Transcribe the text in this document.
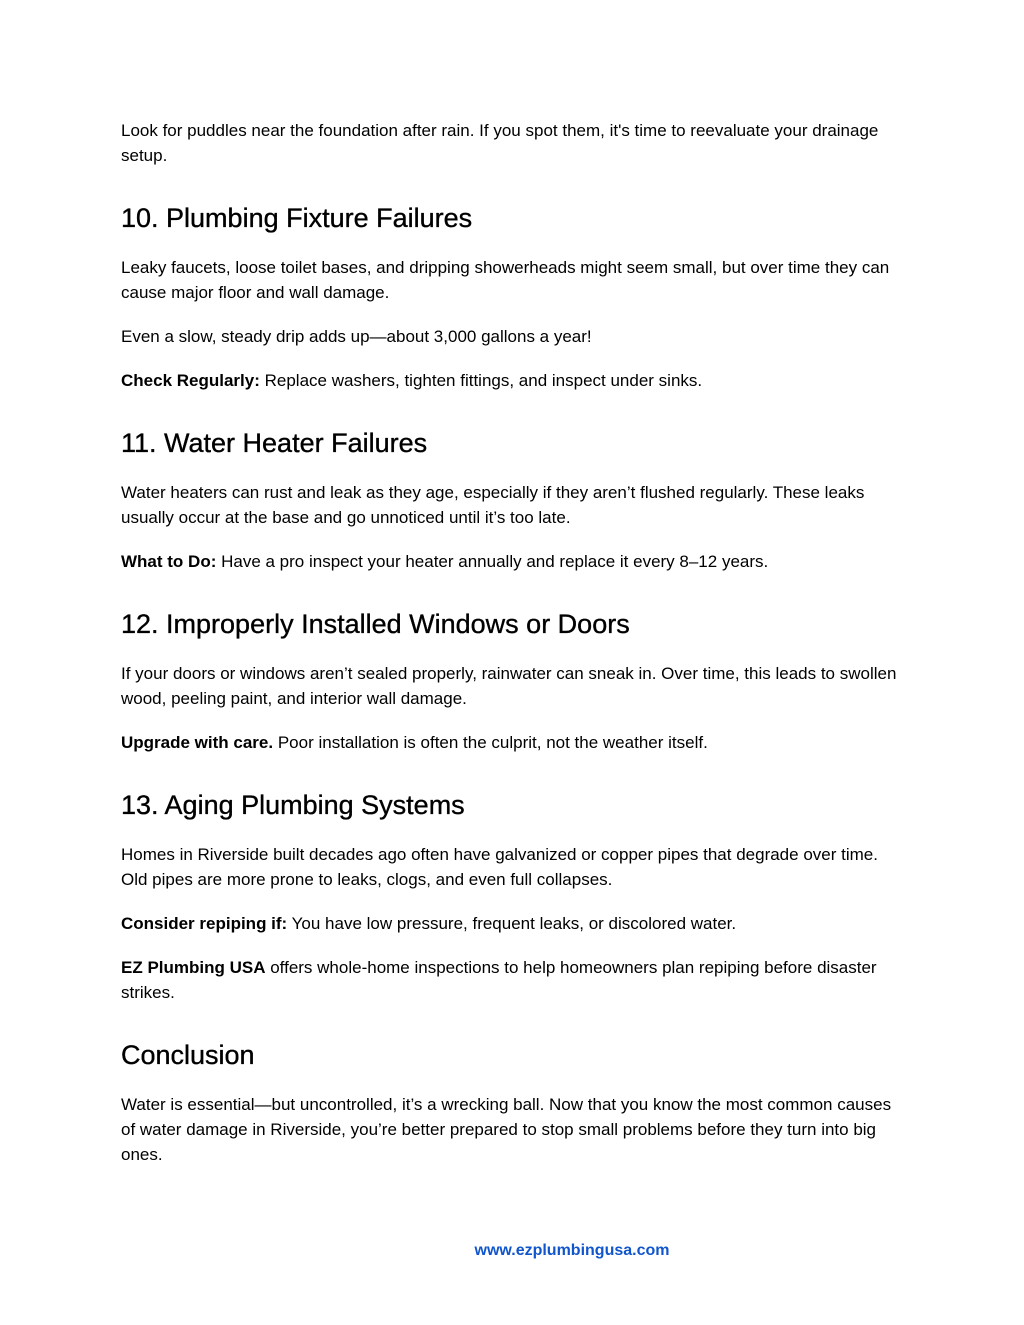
Look for puddles near the foundation after rain. If you spot them, it's time to reevaluate your drainage setup.

10. Plumbing Fixture Failures

Leaky faucets, loose toilet bases, and dripping showerheads might seem small, but over time they can cause major floor and wall damage.

Even a slow, steady drip adds up—about 3,000 gallons a year!

Check Regularly: Replace washers, tighten fittings, and inspect under sinks.

11. Water Heater Failures

Water heaters can rust and leak as they age, especially if they aren’t flushed regularly. These leaks usually occur at the base and go unnoticed until it’s too late.

What to Do: Have a pro inspect your heater annually and replace it every 8–12 years.

12. Improperly Installed Windows or Doors

If your doors or windows aren’t sealed properly, rainwater can sneak in. Over time, this leads to swollen wood, peeling paint, and interior wall damage.

Upgrade with care. Poor installation is often the culprit, not the weather itself.

13. Aging Plumbing Systems

Homes in Riverside built decades ago often have galvanized or copper pipes that degrade over time. Old pipes are more prone to leaks, clogs, and even full collapses.

Consider repiping if: You have low pressure, frequent leaks, or discolored water.

EZ Plumbing USA offers whole-home inspections to help homeowners plan repiping before disaster strikes.

Conclusion

Water is essential—but uncontrolled, it’s a wrecking ball. Now that you know the most common causes of water damage in Riverside, you’re better prepared to stop small problems before they turn into big ones.

www.ezplumbingusa.com
